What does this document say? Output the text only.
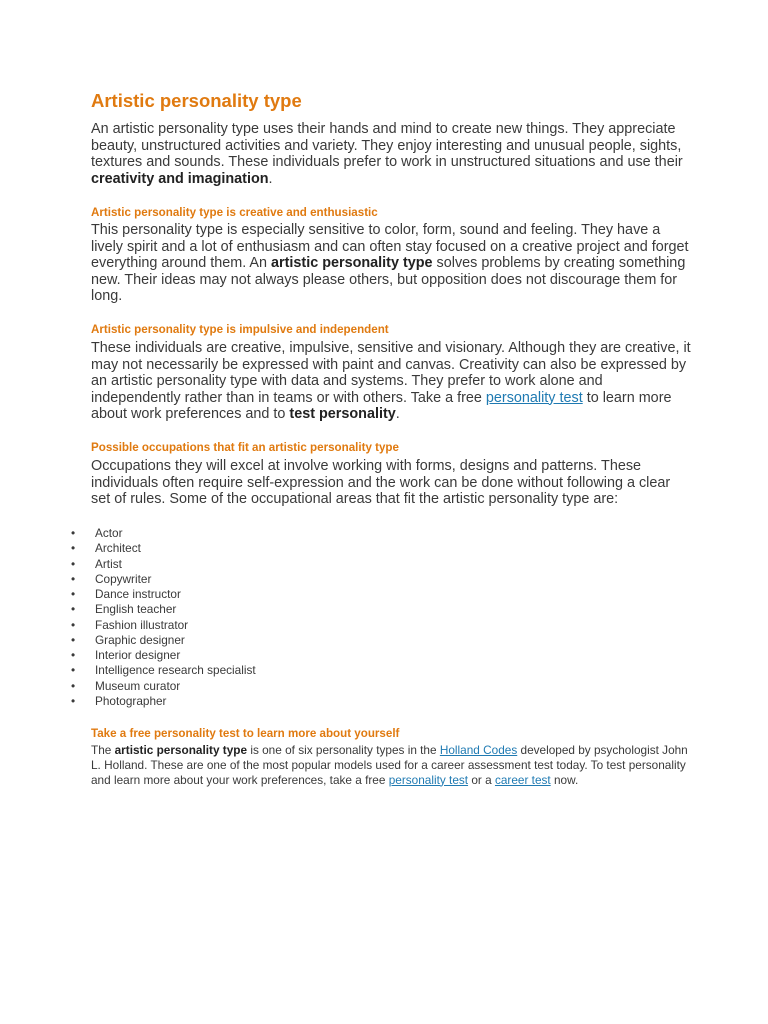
Artistic personality type

An artistic personality type uses their hands and mind to create new things. They appreciate beauty, unstructured activities and variety. They enjoy interesting and unusual people, sights, textures and sounds. These individuals prefer to work in unstructured situations and use their creativity and imagination.

Artistic personality type is creative and enthusiastic

This personality type is especially sensitive to color, form, sound and feeling. They have a lively spirit and a lot of enthusiasm and can often stay focused on a creative project and forget everything around them. An artistic personality type solves problems by creating something new. Their ideas may not always please others, but opposition does not discourage them for long.

Artistic personality type is impulsive and independent

These individuals are creative, impulsive, sensitive and visionary. Although they are creative, it may not necessarily be expressed with paint and canvas. Creativity can also be expressed by an artistic personality type with data and systems. They prefer to work alone and independently rather than in teams or with others. Take a free personality test to learn more about work preferences and to test personality.

Possible occupations that fit an artistic personality type

Occupations they will excel at involve working with forms, designs and patterns. These individuals often require self-expression and the work can be done without following a clear set of rules. Some of the occupational areas that fit the artistic personality type are:

• Actor
• Architect
• Artist
• Copywriter
• Dance instructor
• English teacher
• Fashion illustrator
• Graphic designer
• Interior designer
• Intelligence research specialist
• Museum curator
• Photographer
Take a free personality test to learn more about yourself

The artistic personality type is one of six personality types in the Holland Codes developed by psychologist John L. Holland. These are one of the most popular models used for a career assessment test today. To test personality and learn more about your work preferences, take a free personality test or a career test now.
